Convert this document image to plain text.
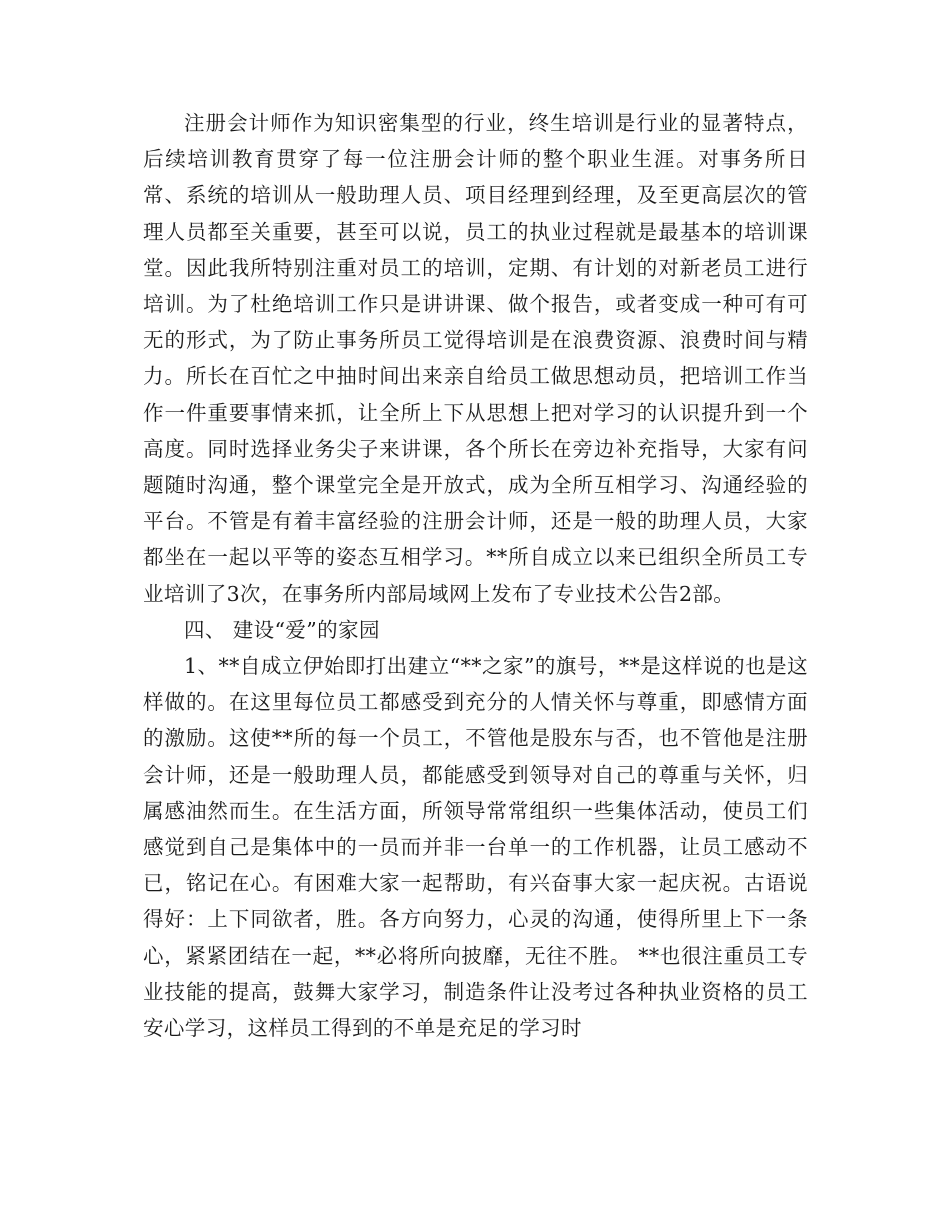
注册会计师作为知识密集型的行业，终生培训是行业的显著特点，后续培训教育贯穿了每一位注册会计师的整个职业生涯。对事务所日常、系统的培训从一般助理人员、项目经理到经理，及至更高层次的管理人员都至关重要，甚至可以说，员工的执业过程就是最基本的培训课堂。因此我所特别注重对员工的培训，定期、有计划的对新老员工进行培训。为了杜绝培训工作只是讲讲课、做个报告，或者变成一种可有可无的形式，为了防止事务所员工觉得培训是在浪费资源、浪费时间与精力。所长在百忙之中抽时间出来亲自给员工做思想动员，把培训工作当作一件重要事情来抓，让全所上下从思想上把对学习的认识提升到一个高度。同时选择业务尖子来讲课，各个所长在旁边补充指导，大家有问题随时沟通，整个课堂完全是开放式，成为全所互相学习、沟通经验的平台。不管是有着丰富经验的注册会计师，还是一般的助理人员，大家都坐在一起以平等的姿态互相学习。**所自成立以来已组织全所员工专业培训了3次，在事务所内部局域网上发布了专业技术公告2部。

四、 建设“爱”的家园

1、**自成立伊始即打出建立“**之家”的旗号，**是这样说的也是这样做的。在这里每位员工都感受到充分的人情关怀与尊重，即感情方面的激励。这使**所的每一个员工，不管他是股东与否，也不管他是注册会计师，还是一般助理人员，都能感受到领导对自己的尊重与关怀，归属感油然而生。在生活方面，所领导常常组织一些集体活动，使员工们感觉到自己是集体中的一员而并非一台单一的工作机器，让员工感动不已，铭记在心。有困难大家一起帮助，有兴奋事大家一起庆祝。古语说得好：上下同欲者，胜。各方向努力，心灵的沟通，使得所里上下一条心，紧紧团结在一起，**必将所向披靡，无往不胜。 **也很注重员工专业技能的提高，鼓舞大家学习，制造条件让没考过各种执业资格的员工安心学习，这样员工得到的不单是充足的学习时
